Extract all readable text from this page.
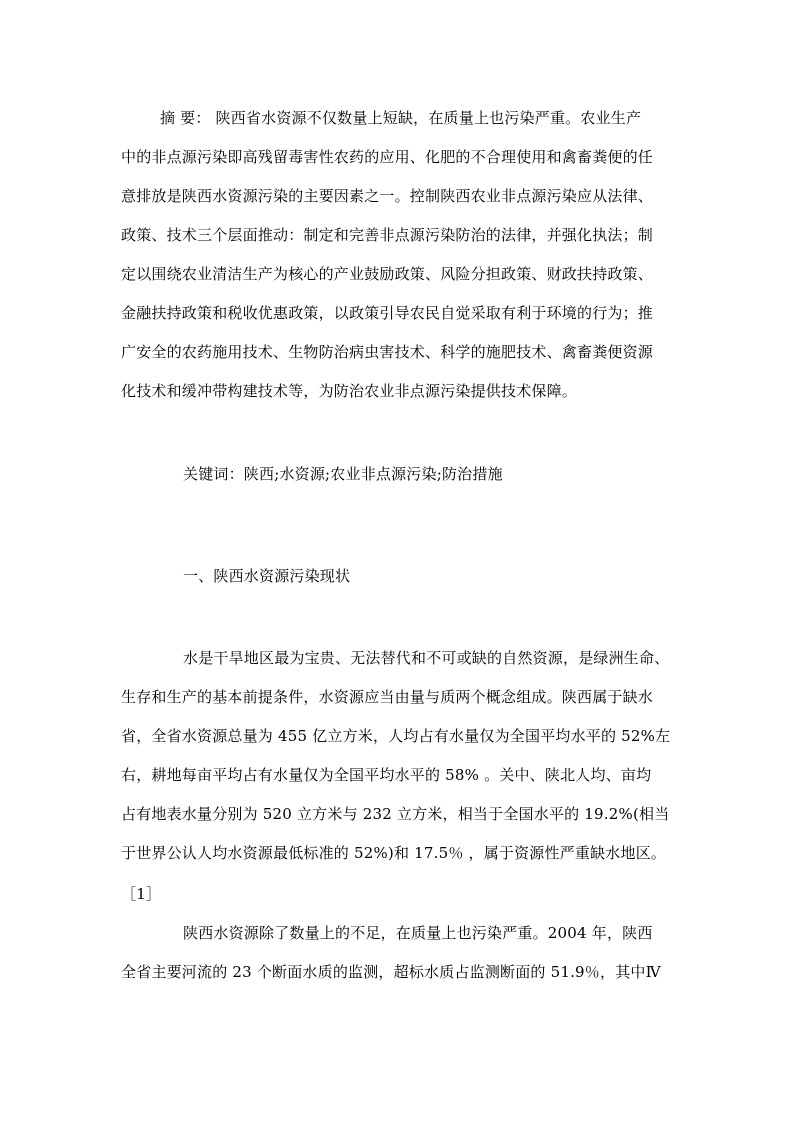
摘 要： 陕西省水资源不仅数量上短缺，在质量上也污染严重。农业生产
中的非点源污染即高残留毒害性农药的应用、化肥的不合理使用和禽畜粪便的任
意排放是陕西水资源污染的主要因素之一。控制陕西农业非点源污染应从法律、
政策、技术三个层面推动：制定和完善非点源污染防治的法律，并强化执法；制
定以围绕农业清洁生产为核心的产业鼓励政策、风险分担政策、财政扶持政策、
金融扶持政策和税收优惠政策，以政策引导农民自觉采取有利于环境的行为；推
广安全的农药施用技术、生物防治病虫害技术、科学的施肥技术、禽畜粪便资源
化技术和缓冲带构建技术等，为防治农业非点源污染提供技术保障。
关键词：陕西;水资源;农业非点源污染;防治措施
一、陕西水资源污染现状
水是干旱地区最为宝贵、无法替代和不可或缺的自然资源，是绿洲生命、
生存和生产的基本前提条件，水资源应当由量与质两个概念组成。陕西属于缺水
省，全省水资源总量为 455 亿立方米，人均占有水量仅为全国平均水平的 52%左
右，耕地每亩平均占有水量仅为全国平均水平的 58% 。关中、陕北人均、亩均
占有地表水量分别为 520 立方米与 232 立方米，相当于全国水平的 19.2%(相当
于世界公认人均水资源最低标准的 52%)和 17.5％ ，属于资源性严重缺水地区。
［1］
陕西水资源除了数量上的不足，在质量上也污染严重。2004 年，陕西
全省主要河流的 23 个断面水质的监测，超标水质占监测断面的 51.9％，其中Ⅳ
